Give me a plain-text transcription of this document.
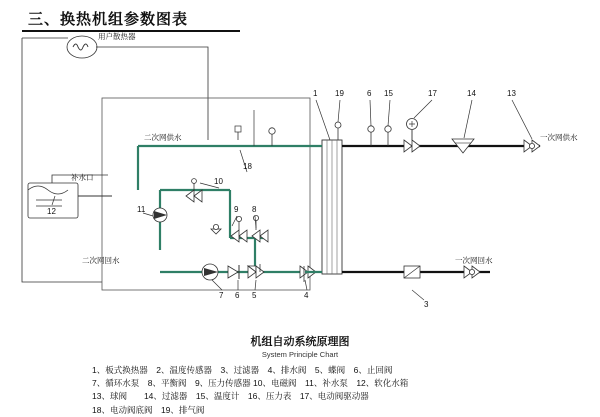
三、换热机组参数图表
用户散热器
补水口
二次网供水
二次网回水
一次网供水
一次网回水
12	11
10
9 8
18
7 6 5	4
3
1 19	6 15	17	14	13
机组自动系统原理图
System Principle Chart
1、板式换热器　2、温度传感器　3、过滤器　4、排水阀　5、蝶阀　6、止回阀
7、循环水泵　8、平衡阀　9、压力传感器 10、电磁阀　11、补水泵　12、软化水箱
13、球阀　　14、过滤器　15、温度计　16、压力表　17、电动阀驱动器
18、电动阀底阀　19、排气阀
